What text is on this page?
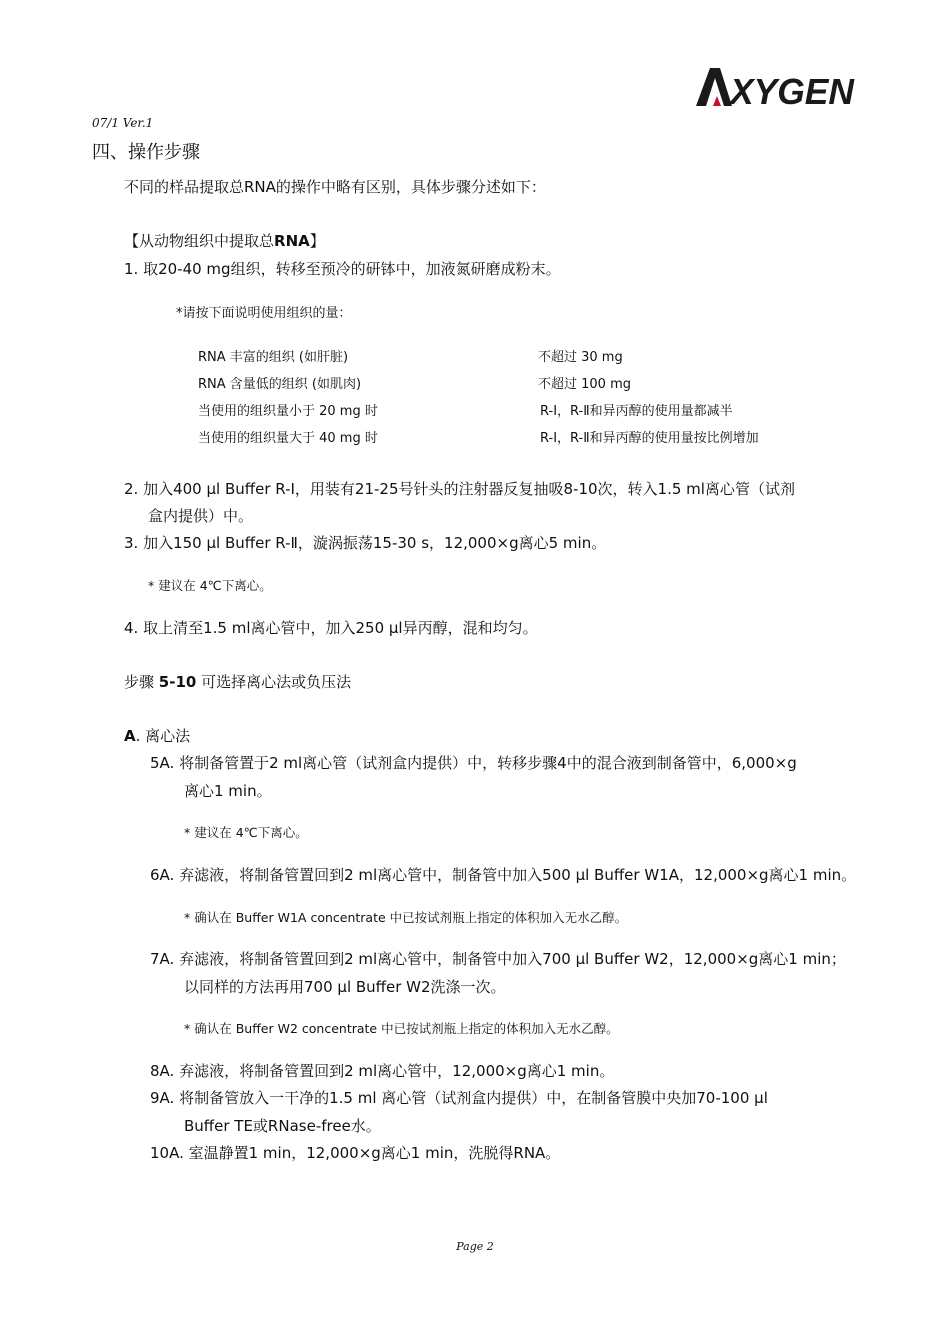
XYGEN
07/1 Ver.1
四、操作步骤
不同的样品提取总RNA的操作中略有区别，具体步骤分述如下：
【从动物组织中提取总RNA】
1. 取20-40 mg组织，转移至预冷的研钵中，加液氮研磨成粉末。
*请按下面说明使用组织的量：
RNA 丰富的组织 (如肝脏)	不超过 30 mg
RNA 含量低的组织 (如肌肉)	不超过 100 mg
当使用的组织量小于 20 mg 时	R-Ⅰ，R-Ⅱ和异丙醇的使用量都减半
当使用的组织量大于 40 mg 时	R-Ⅰ，R-Ⅱ和异丙醇的使用量按比例增加
2. 加入400 μl Buffer R-Ⅰ，用装有21-25号针头的注射器反复抽吸8-10次，转入1.5 ml离心管（试剂
盒内提供）中。
3. 加入150 μl Buffer R-Ⅱ，漩涡振荡15-30 s，12,000×g离心5 min。
* 建议在 4℃下离心。
4. 取上清至1.5 ml离心管中，加入250 μl异丙醇，混和均匀。
步骤 5-10 可选择离心法或负压法
A. 离心法
5A. 将制备管置于2 ml离心管（试剂盒内提供）中，转移步骤4中的混合液到制备管中，6,000×g
离心1 min。
* 建议在 4℃下离心。
6A. 弃滤液，将制备管置回到2 ml离心管中，制备管中加入500 μl Buffer W1A，12,000×g离心1 min。
* 确认在 Buffer W1A concentrate 中已按试剂瓶上指定的体积加入无水乙醇。
7A. 弃滤液，将制备管置回到2 ml离心管中，制备管中加入700 μl Buffer W2，12,000×g离心1 min；
以同样的方法再用700 μl Buffer W2洗涤一次。
* 确认在 Buffer W2 concentrate 中已按试剂瓶上指定的体积加入无水乙醇。
8A. 弃滤液，将制备管置回到2 ml离心管中，12,000×g离心1 min。
9A. 将制备管放入一干净的1.5 ml 离心管（试剂盒内提供）中，在制备管膜中央加70-100 μl
Buffer TE或RNase-free水。
10A. 室温静置1 min，12,000×g离心1 min，洗脱得RNA。
Page 2
